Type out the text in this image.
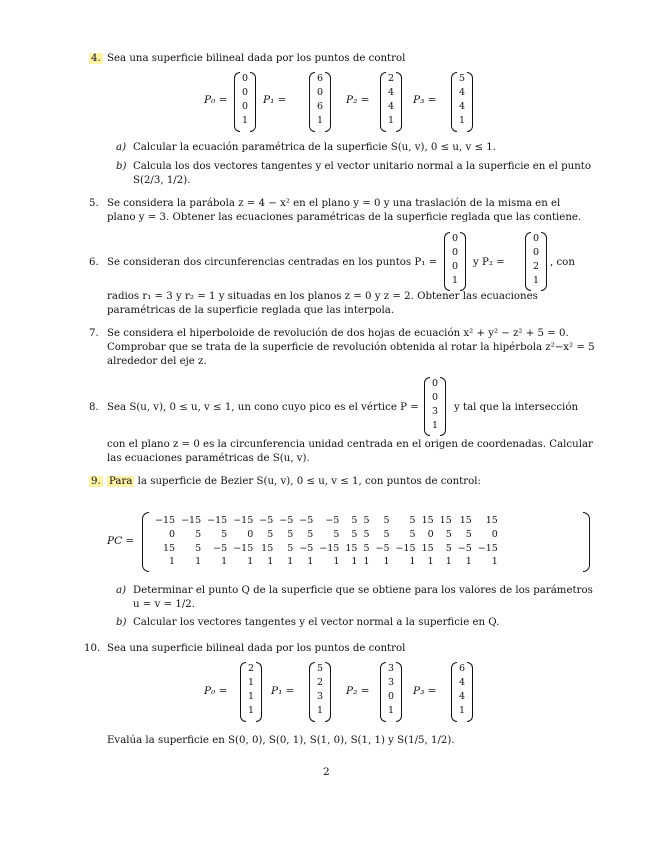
4. Sea una superficie bilineal dada por los puntos de control
P₀ =
0
0
0
1
P₁ =
6
0
6
1
P₂ =
2
4
4
1
P₃ =
5
4
4
1
a) Calcular la ecuación paramétrica de la superficie S(u, v), 0 ≤ u, v ≤ 1.
b) Calcula los dos vectores tangentes y el vector unitario normal a la superficie en el punto
S(2/3, 1/2).
5. Se considera la parábola z = 4 − x² en el plano y = 0 y una traslación de la misma en el
plano y = 3. Obtener las ecuaciones paramétricas de la superficie reglada que las contiene.
6. Se consideran dos circunferencias centradas en los puntos P₁ =
0
0
0
1
y P₂ =
0
0
2
1
, con
radios r₁ = 3 y r₂ = 1 y situadas en los planos z = 0 y z = 2. Obtener las ecuaciones
paramétricas de la superficie reglada que las interpola.
7. Se considera el hiperboloide de revolución de dos hojas de ecuación x² + y² − z² + 5 = 0.
Comprobar que se trata de la superficie de revolución obtenida al rotar la hipérbola z²−x² = 5
alrededor del eje z.
8. Sea S(u, v), 0 ≤ u, v ≤ 1, un cono cuyo pico es el vértice P =
0
0
3
1
y tal que la intersección
con el plano z = 0 es la circunferencia unidad centrada en el origen de coordenadas. Calcular
las ecuaciones paramétricas de S(u, v).
9. Para la superficie de Bezier S(u, v), 0 ≤ u, v ≤ 1, con puntos de control:
PC =
−15	−15	−15	−15	−5	−5	−5	−5	5	5	5	5	15	15	15	15
0	5	5	0	5	5	5	5	5	5	5	5	0	5	5	0
15	5	−5	−15	15	5	−5	−15	15	5	−5	−15	15	5	−5	−15
1	1	1	1	1	1	1	1	1	1	1	1	1	1	1	1
a) Determinar el punto Q de la superficie que se obtiene para los valores de los parámetros
u = v = 1/2.
b) Calcular los vectores tangentes y el vector normal a la superficie en Q.
10. Sea una superficie bilineal dada por los puntos de control
P₀ =
2
1
1
1
P₁ =
5
2
3
1
P₂ =
3
3
0
1
P₃ =
6
4
4
1
Evalúa la superficie en S(0, 0), S(0, 1), S(1, 0), S(1, 1) y S(1/5, 1/2).
2
